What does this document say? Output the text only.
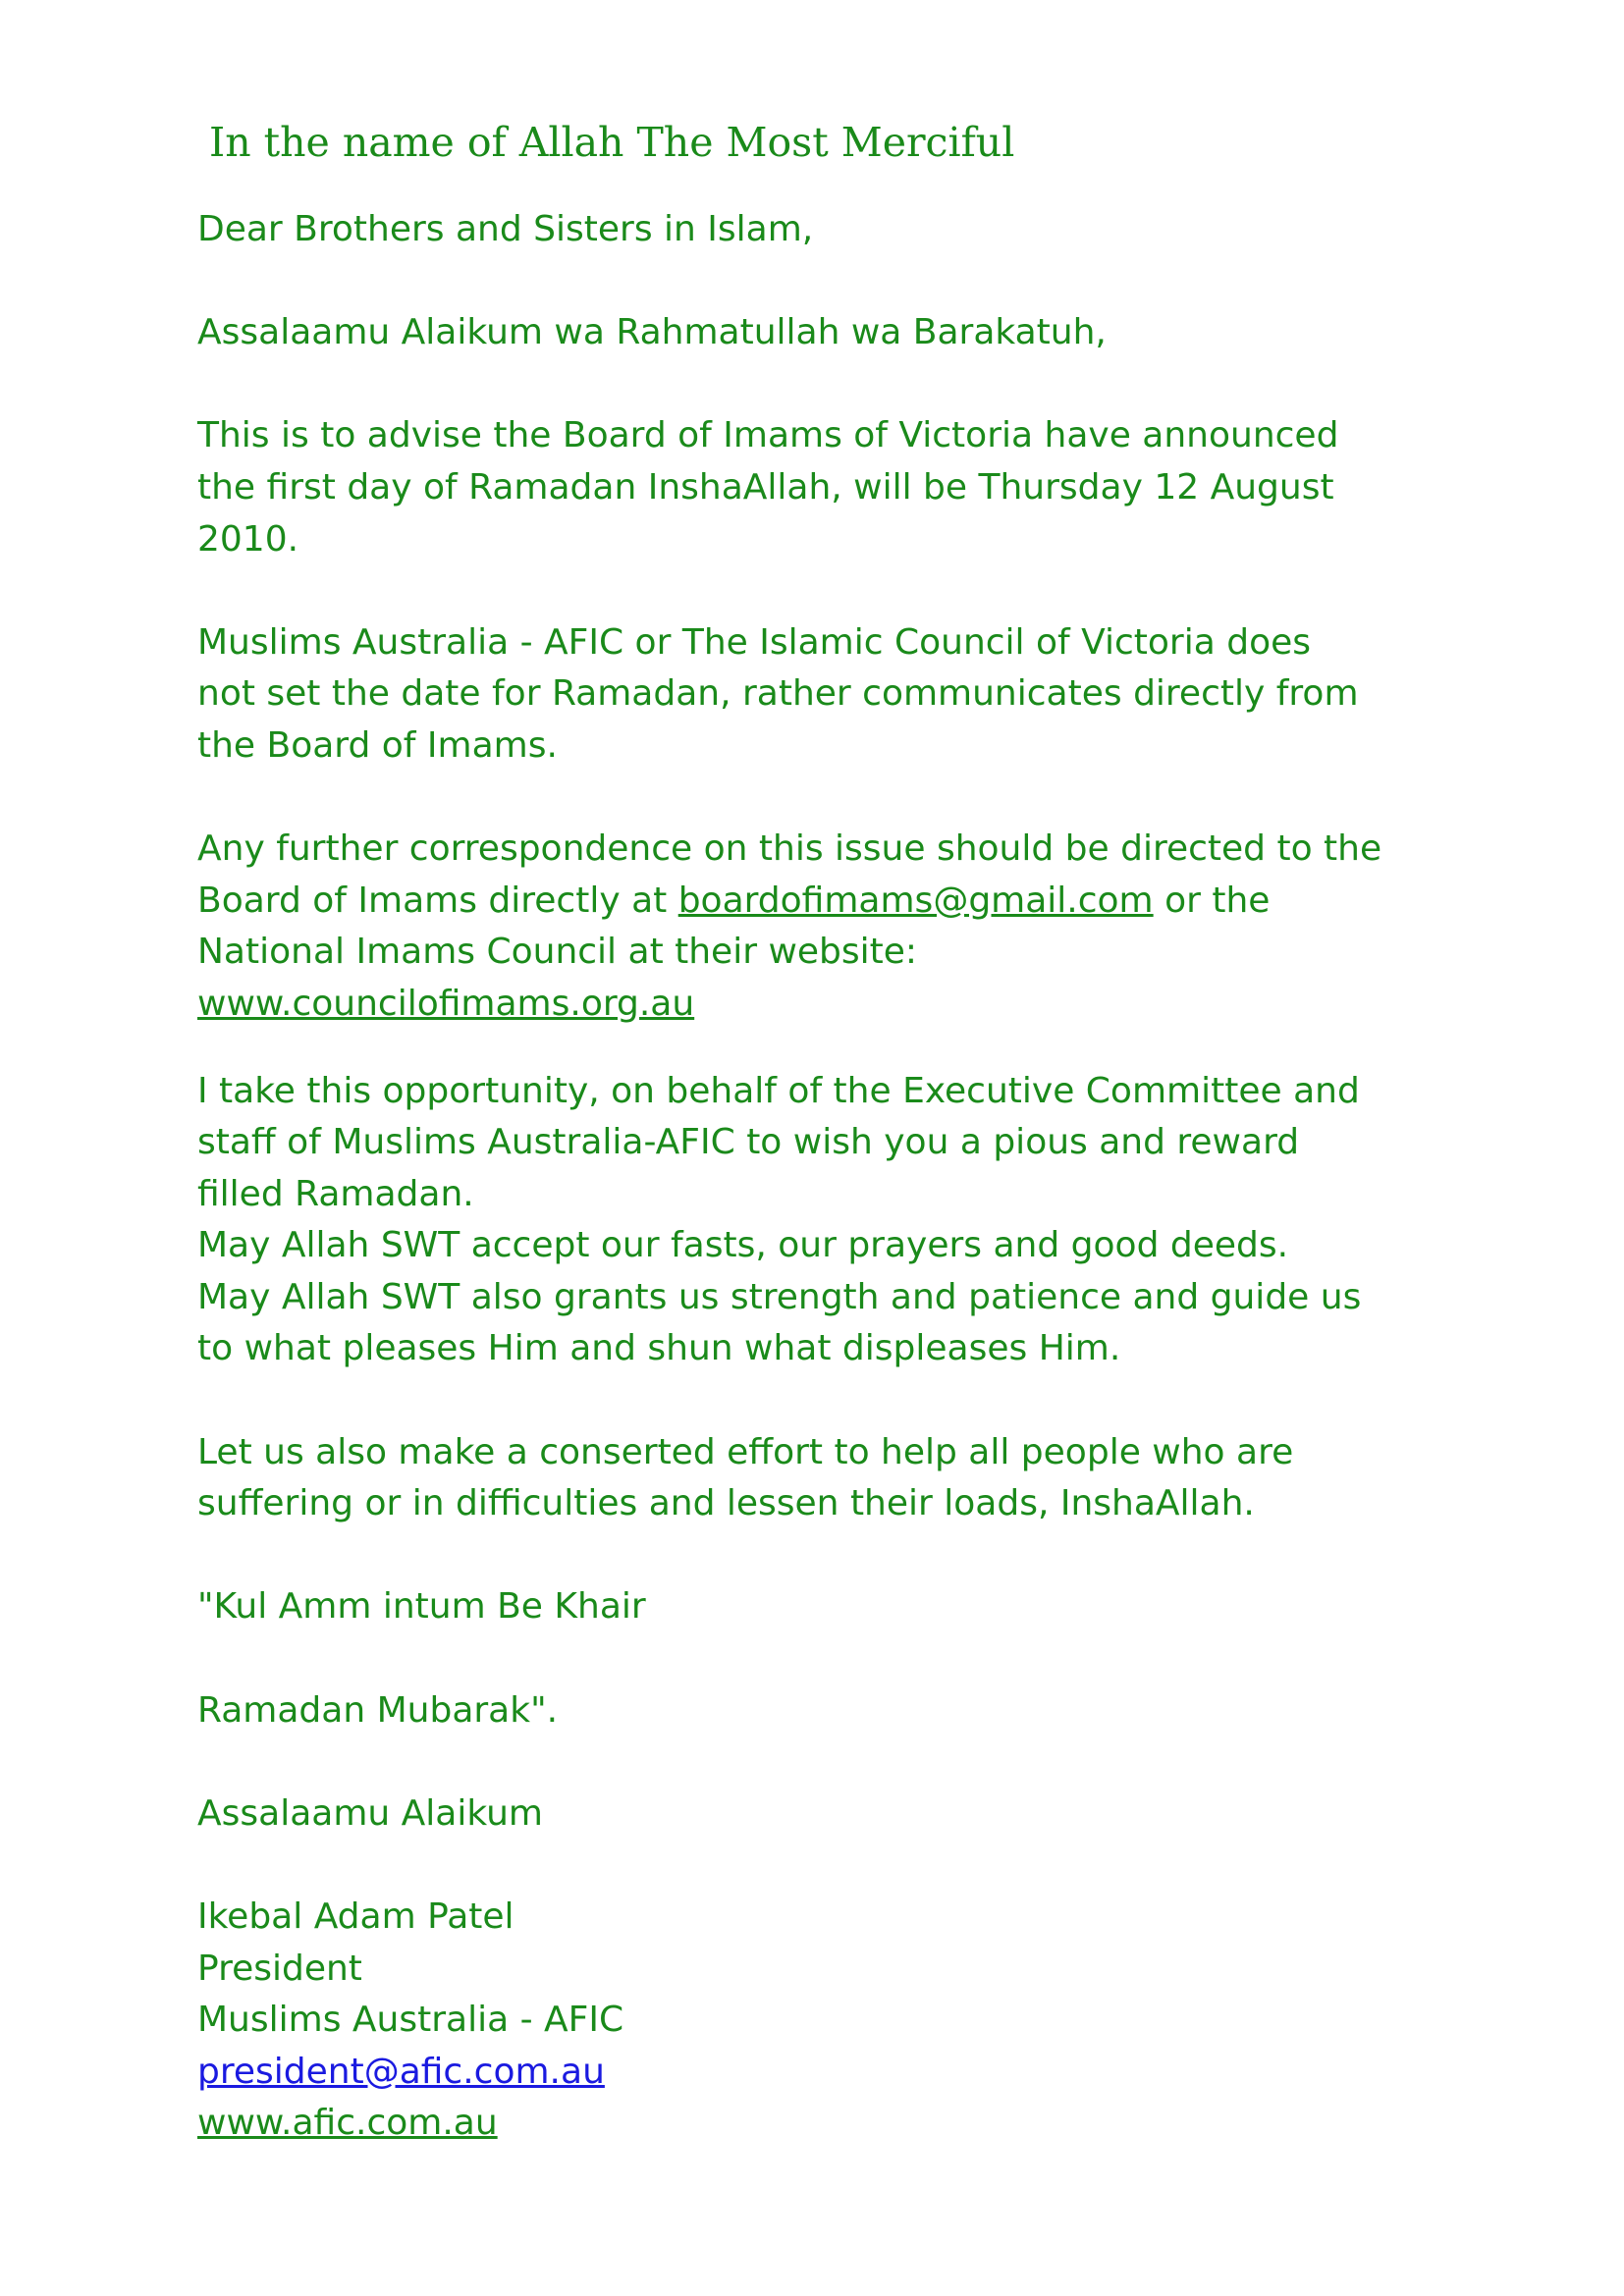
In the name of Allah The Most Merciful

Dear Brothers and Sisters in Islam,

Assalaamu Alaikum wa Rahmatullah wa Barakatuh,

This is to advise the Board of Imams of Victoria have announced

the first day of Ramadan InshaAllah, will be Thursday 12 August

2010.

Muslims Australia - AFIC or The Islamic Council of Victoria does

not set the date for Ramadan, rather communicates directly from

the Board of Imams.

Any further correspondence on this issue should be directed to the

Board of Imams directly at boardofimams@gmail.com or the

National Imams Council at their website:

www.councilofimams.org.au

I take this opportunity, on behalf of the Executive Committee and

staff of Muslims Australia-AFIC to wish you a pious and reward

filled Ramadan.

May Allah SWT accept our fasts, our prayers and good deeds.

May Allah SWT also grants us strength and patience and guide us

to what pleases Him and shun what displeases Him.

Let us also make a conserted effort to help all people who are

suffering or in difficulties and lessen their loads, InshaAllah.

"Kul Amm intum Be Khair

Ramadan Mubarak".

Assalaamu Alaikum

Ikebal Adam Patel

President

Muslims Australia - AFIC

president@afic.com.au

www.afic.com.au
